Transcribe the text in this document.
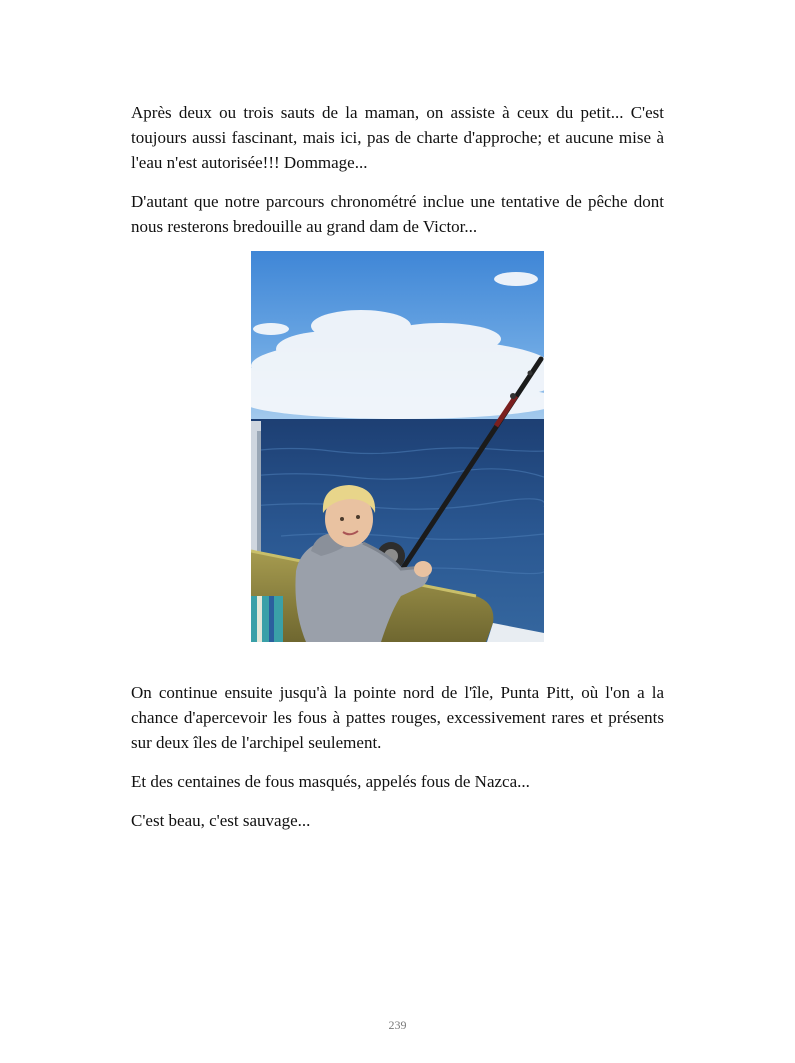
Après deux ou trois sauts de la maman, on assiste à ceux du petit... C'est toujours aussi fascinant, mais ici, pas de charte d'approche; et aucune mise à l'eau n'est autorisée!!! Dommage...

D'autant que notre parcours chronométré inclue une tentative de pêche dont nous resterons bredouille au grand dam de Victor...

On continue ensuite jusqu'à la pointe nord de l'île, Punta Pitt, où l'on a la chance d'apercevoir les fous à pattes rouges, excessivement rares et présents sur deux îles de l'archipel seulement.

Et des centaines de fous masqués, appelés fous de Nazca...

C'est beau, c'est sauvage...

239
